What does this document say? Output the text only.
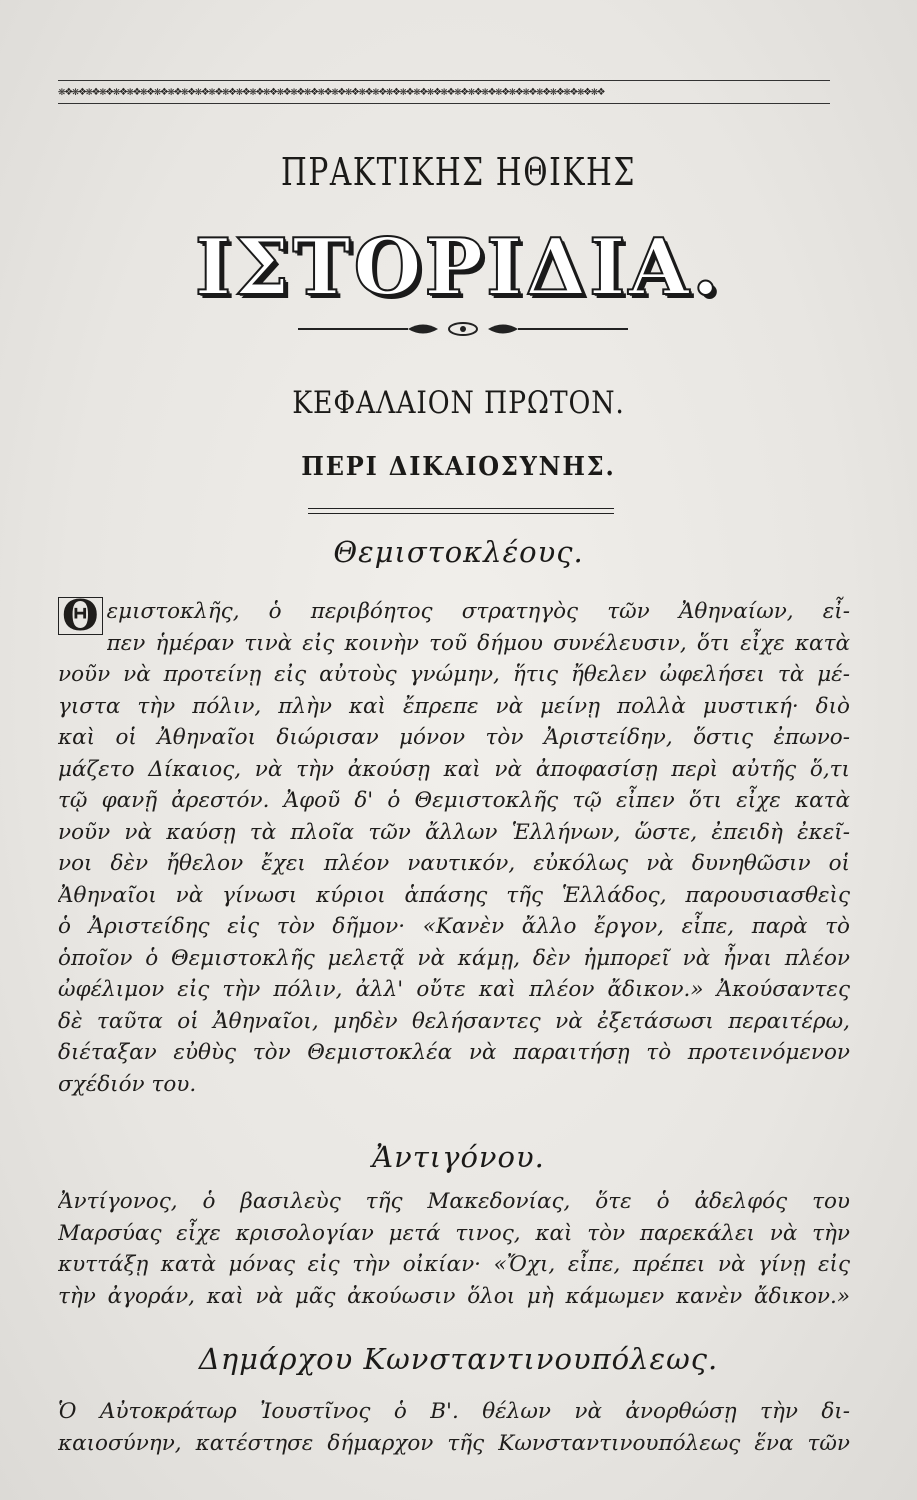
❋❖❋❖❋❖❋❖❋❖❋❖❋❖❋❖❋❖❋❖❋❖❋❖❋❖❋❖❋❖❋❖❋❖❋❖❋❖❋❖❋❖❋❖❋❖❋❖❋❖❋❖❋❖❋❖❋❖❋❖❋❖❋❖❋❖❋❖❋❖❋❖❋❖❋❖❋❖❋❖
ΠΡΑΚΤΙΚΗΣ ΗΘΙΚΗΣ
ΙΣΤΟΡΙΔΙΑ.
ΚΕΦΑΛΑΙΟΝ ΠΡΩΤΟΝ.
ΠΕΡΙ ΔΙΚΑΙΟΣΥΝΗΣ.
Θεμιστοκλέους.
Θ εμιστοκλῆς, ὁ περιβόητος στρατηγὸς τῶν Ἀθηναίων, εἶ-
πεν ἡμέραν τινὰ εἰς κοινὴν τοῦ δήμου συνέλευσιν, ὅτι εἶχε κατὰ
νοῦν νὰ προτείνῃ εἰς αὐτοὺς γνώμην, ἥτις ἤθελεν ὠφελήσει τὰ μέ-
γιστα τὴν πόλιν, πλὴν καὶ ἔπρεπε νὰ μείνῃ πολλὰ μυστική· διὸ
καὶ οἱ Ἀθηναῖοι διώρισαν μόνον τὸν Ἀριστείδην, ὅστις ἐπωνο-
μάζετο Δίκαιος, νὰ τὴν ἀκούσῃ καὶ νὰ ἀποφασίσῃ περὶ αὐτῆς ὅ,τι
τῷ φανῇ ἀρεστόν. Ἀφοῦ δ' ὁ Θεμιστοκλῆς τῷ εἶπεν ὅτι εἶχε κατὰ
νοῦν νὰ καύσῃ τὰ πλοῖα τῶν ἄλλων Ἑλλήνων, ὥστε, ἐπειδὴ ἐκεῖ-
νοι δὲν ἤθελον ἔχει πλέον ναυτικόν, εὐκόλως νὰ δυνηθῶσιν οἱ
Ἀθηναῖοι νὰ γίνωσι κύριοι ἁπάσης τῆς Ἑλλάδος, παρουσιασθεὶς
ὁ Ἀριστείδης εἰς τὸν δῆμον· «Κανὲν ἄλλο ἔργον, εἶπε, παρὰ τὸ
ὁποῖον ὁ Θεμιστοκλῆς μελετᾷ νὰ κάμῃ, δὲν ἠμπορεῖ νὰ ἦναι πλέον
ὠφέλιμον εἰς τὴν πόλιν, ἀλλ' οὔτε καὶ πλέον ἄδικον.» Ἀκούσαντες
δὲ ταῦτα οἱ Ἀθηναῖοι, μηδὲν θελήσαντες νὰ ἐξετάσωσι περαιτέρω,
διέταξαν εὐθὺς τὸν Θεμιστοκλέα νὰ παραιτήσῃ τὸ προτεινόμενον
σχέδιόν του.
Ἀντιγόνου.
Ἀντίγονος, ὁ βασιλεὺς τῆς Μακεδονίας, ὅτε ὁ ἀδελφός του
Μαρσύας εἶχε κρισολογίαν μετά τινος, καὶ τὸν παρεκάλει νὰ τὴν
κυττάξῃ κατὰ μόνας εἰς τὴν οἰκίαν· «Ὄχι, εἶπε, πρέπει νὰ γίνῃ εἰς
τὴν ἀγοράν, καὶ νὰ μᾶς ἀκούωσιν ὅλοι μὴ κάμωμεν κανὲν ἄδικον.»
Δημάρχου Κωνσταντινουπόλεως.
Ὁ Αὐτοκράτωρ Ἰουστῖνος ὁ Β'. θέλων νὰ ἀνορθώσῃ τὴν δι-
καιοσύνην, κατέστησε δήμαρχον τῆς Κωνσταντινουπόλεως ἕνα τῶν
